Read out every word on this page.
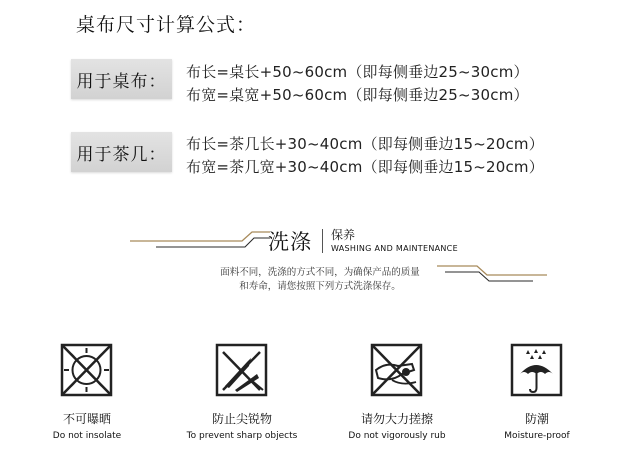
桌布尺寸计算公式：
用于桌布：	布长=桌长+50~60cm（即每侧垂边25~30cm）
布宽=桌宽+50~60cm（即每侧垂边25~30cm）
用于茶几：
布长=茶几长+30~40cm（即每侧垂边15~20cm）
布宽=茶几宽+30~40cm（即每侧垂边15~20cm）
洗涤 保养
WASHING AND MAINTENANCE
面料不同，洗涤的方式不同，为确保产品的质量
和寿命，请您按照下列方式洗涤保存。
不可曝晒
Do not insolate
防止尖锐物
To prevent sharp objects
请勿大力搓擦
Do not vigorously rub
防潮
Moisture-proof
